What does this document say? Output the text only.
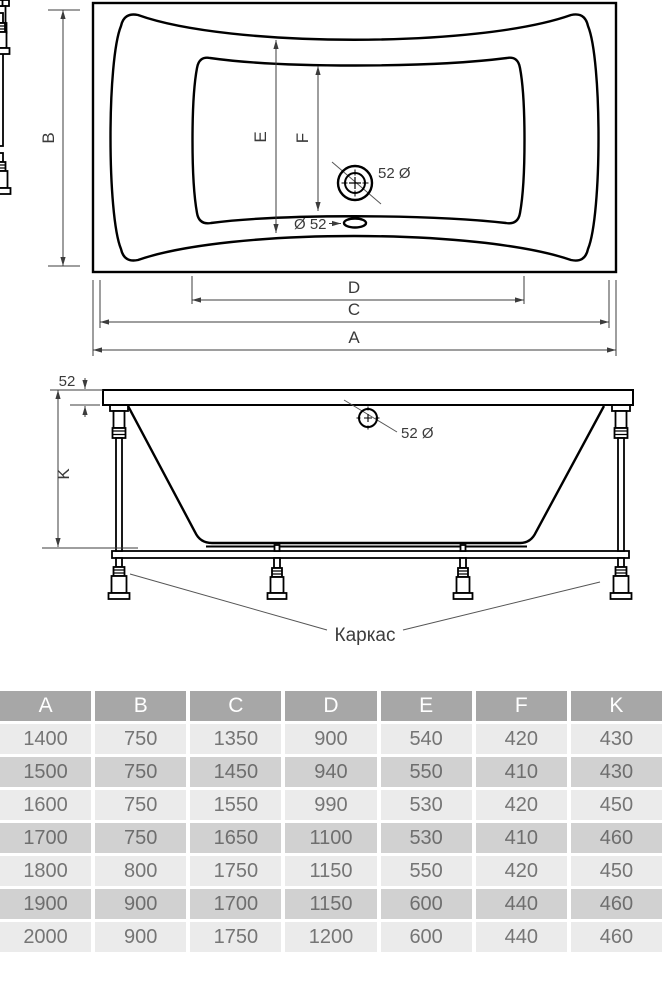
B	E F
52 Ø
Ø 52
D
C
A
52
K
52 Ø
Каркас
A	B	C	D	E	F	K
1400	750	1350	900	540	420	430
1500	750	1450	940	550	410	430
1600	750	1550	990	530	420	450
1700	750	1650	1100	530	410	460
1800	800	1750	1150	550	420	450
1900	900	1700	1150	600	440	460
2000	900	1750	1200	600	440	460
